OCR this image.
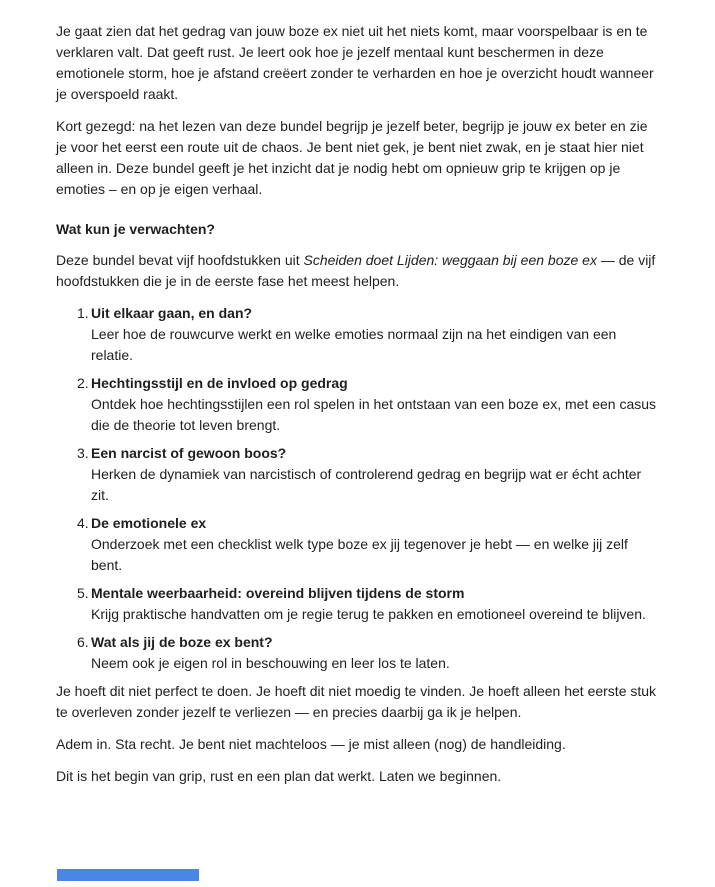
Je gaat zien dat het gedrag van jouw boze ex niet uit het niets komt, maar voorspelbaar is en te verklaren valt. Dat geeft rust. Je leert ook hoe je jezelf mentaal kunt beschermen in deze emotionele storm, hoe je afstand creëert zonder te verharden en hoe je overzicht houdt wanneer je overspoeld raakt.

Kort gezegd: na het lezen van deze bundel begrijp je jezelf beter, begrijp je jouw ex beter en zie je voor het eerst een route uit de chaos. Je bent niet gek, je bent niet zwak, en je staat hier niet alleen in. Deze bundel geeft je het inzicht dat je nodig hebt om opnieuw grip te krijgen op je emoties – en op je eigen verhaal.

Wat kun je verwachten?

Deze bundel bevat vijf hoofdstukken uit Scheiden doet Lijden: weggaan bij een boze ex — de vijf hoofdstukken die je in de eerste fase het meest helpen.

1. Uit elkaar gaan, en dan?
Leer hoe de rouwcurve werkt en welke emoties normaal zijn na het eindigen van een relatie.
2. Hechtingsstijl en de invloed op gedrag
Ontdek hoe hechtingsstijlen een rol spelen in het ontstaan van een boze ex, met een casus die de theorie tot leven brengt.
3. Een narcist of gewoon boos?
Herken de dynamiek van narcistisch of controlerend gedrag en begrijp wat er écht achter zit.
4. De emotionele ex
Onderzoek met een checklist welk type boze ex jij tegenover je hebt — en welke jij zelf bent.
5. Mentale weerbaarheid: overeind blijven tijdens de storm
Krijg praktische handvatten om je regie terug te pakken en emotioneel overeind te blijven.
6. Wat als jij de boze ex bent?
Neem ook je eigen rol in beschouwing en leer los te laten.

Je hoeft dit niet perfect te doen. Je hoeft dit niet moedig te vinden. Je hoeft alleen het eerste stuk te overleven zonder jezelf te verliezen — en precies daarbij ga ik je helpen.

Adem in. Sta recht. Je bent niet machteloos — je mist alleen (nog) de handleiding.

Dit is het begin van grip, rust en een plan dat werkt. Laten we beginnen.
